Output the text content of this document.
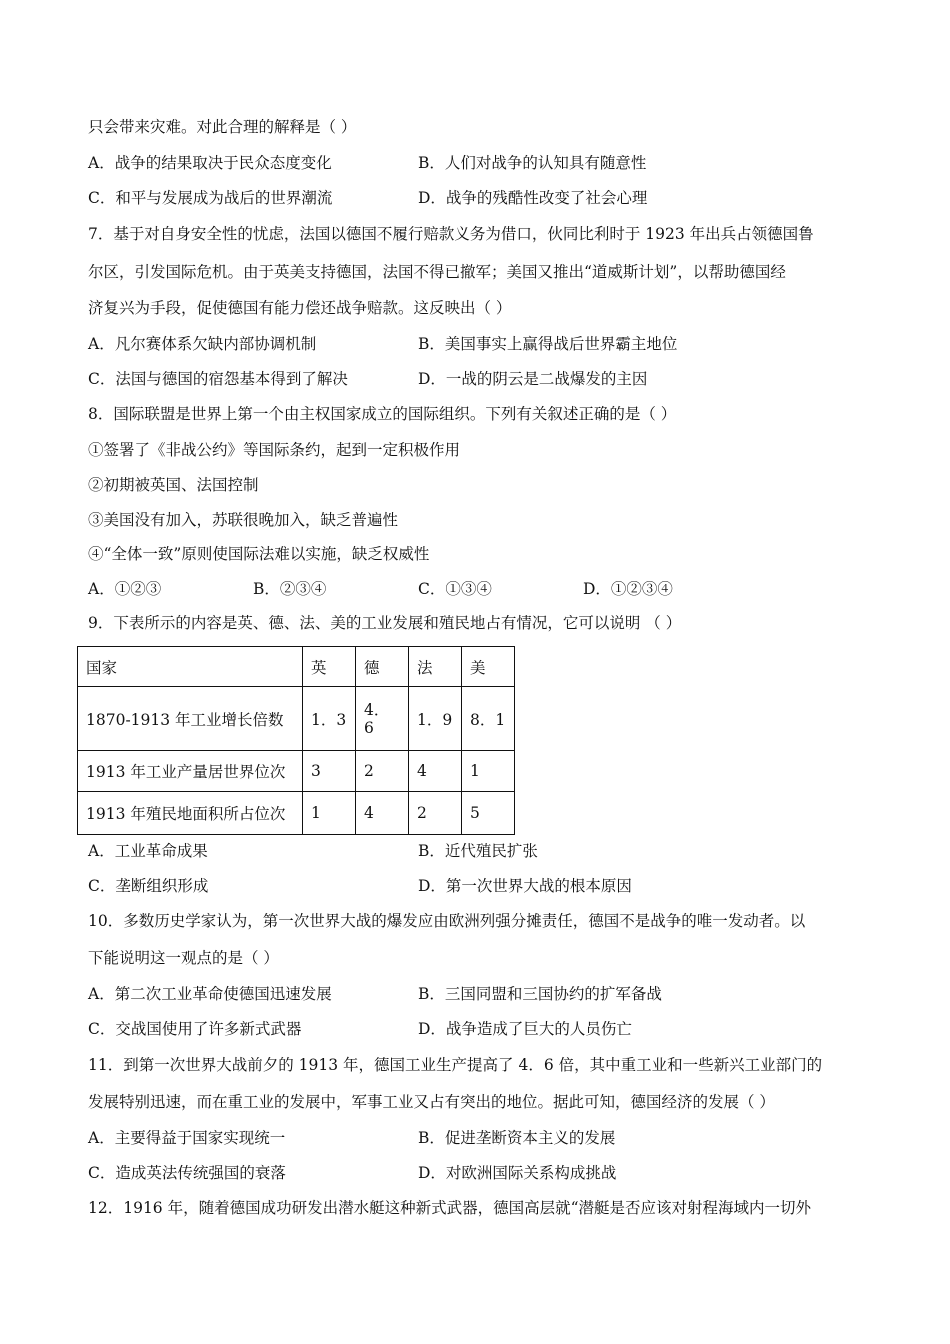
只会带来灾难。对此合理的解释是（ ）
A．战争的结果取决于民众态度变化	B．人们对战争的认知具有随意性
C．和平与发展成为战后的世界潮流	D．战争的残酷性改变了社会心理
7．基于对自身安全性的忧虑，法国以德国不履行赔款义务为借口，伙同比利时于 1923 年出兵占领德国鲁
尔区，引发国际危机。由于英美支持德国，法国不得已撤军；美国又推出“道威斯计划”，以帮助德国经
济复兴为手段，促使德国有能力偿还战争赔款。这反映出（ ）
A．凡尔赛体系欠缺内部协调机制	B．美国事实上赢得战后世界霸主地位
C．法国与德国的宿怨基本得到了解决	D．一战的阴云是二战爆发的主因
8．国际联盟是世界上第一个由主权国家成立的国际组织。下列有关叙述正确的是（ ）
①签署了《非战公约》等国际条约，起到一定积极作用
②初期被英国、法国控制
③美国没有加入，苏联很晚加入，缺乏普遍性
④“全体一致”原则使国际法难以实施，缺乏权威性
A．①②③	B．②③④	C．①③④	D．①②③④
9．下表所示的内容是英、德、法、美的工业发展和殖民地占有情况，它可以说明 （ ）
国家	英	德	法	美
1870-1913 年工业增长倍数	1．3	4．6	1．9	8．1
1913 年工业产量居世界位次	3	2	4	1
1913 年殖民地面积所占位次	1	4	2	5
A．工业革命成果	B．近代殖民扩张
C．垄断组织形成	D．第一次世界大战的根本原因
10．多数历史学家认为，第一次世界大战的爆发应由欧洲列强分摊责任，德国不是战争的唯一发动者。以
下能说明这一观点的是（ ）
A．第二次工业革命使德国迅速发展	B．三国同盟和三国协约的扩军备战
C．交战国使用了许多新式武器	D．战争造成了巨大的人员伤亡
11．到第一次世界大战前夕的 1913 年，德国工业生产提高了 4．6 倍，其中重工业和一些新兴工业部门的
发展特别迅速，而在重工业的发展中，军事工业又占有突出的地位。据此可知，德国经济的发展（ ）
A．主要得益于国家实现统一	B．促进垄断资本主义的发展
C．造成英法传统强国的衰落	D．对欧洲国际关系构成挑战
12．1916 年，随着德国成功研发出潜水艇这种新式武器，德国高层就“潜艇是否应该对射程海域内一切外
